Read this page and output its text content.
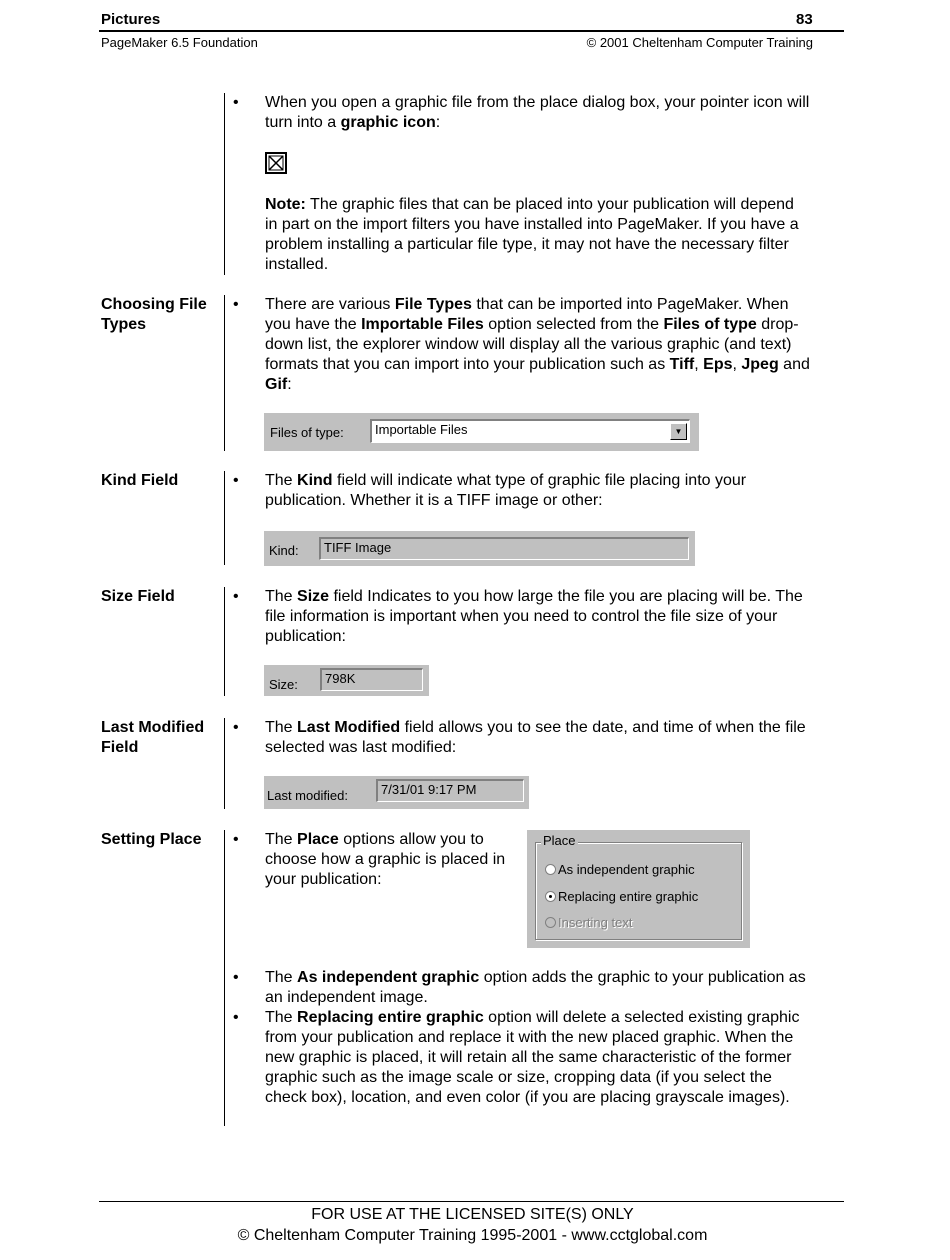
Pictures	83
PageMaker 6.5 Foundation	© 2001 Cheltenham Computer Training
• When you open a graphic file from the place dialog box, your pointer icon will turn into a graphic icon:

Note: The graphic files that can be placed into your publication will depend in part on the import filters you have installed into PageMaker. If you have a problem installing a particular file type, it may not have the necessary filter installed.

Choosing File Types
• There are various File Types that can be imported into PageMaker. When you have the Importable Files option selected from the Files of type drop-down list, the explorer window will display all the various graphic (and text) formats that you can import into your publication such as Tiff, Eps, Jpeg and Gif:

Files of type:	Importable Files	▼
Kind Field	• The Kind field will indicate what type of graphic file placing into your publication. Whether it is a TIFF image or other:

Kind:	TIFF Image
Size Field	• The Size field Indicates to you how large the file you are placing will be. The file information is important when you need to control the file size of your publication:

Size:	798K
Last Modified Field
• The Last Modified field allows you to see the date, and time of when the file selected was last modified:

Last modified:	7/31/01 9:17 PM
Setting Place	• The Place options allow you to choose how a graphic is placed in your publication:

Place
As independent graphic
Replacing entire graphic
Inserting text
• The As independent graphic option adds the graphic to your publication as an independent image.

• The Replacing entire graphic option will delete a selected existing graphic from your publication and replace it with the new placed graphic. When the new graphic is placed, it will retain all the same characteristic of the former graphic such as the image scale or size, cropping data (if you select the check box), location, and even color (if you are placing grayscale images).

FOR USE AT THE LICENSED SITE(S) ONLY
© Cheltenham Computer Training 1995-2001 - www.cctglobal.com
